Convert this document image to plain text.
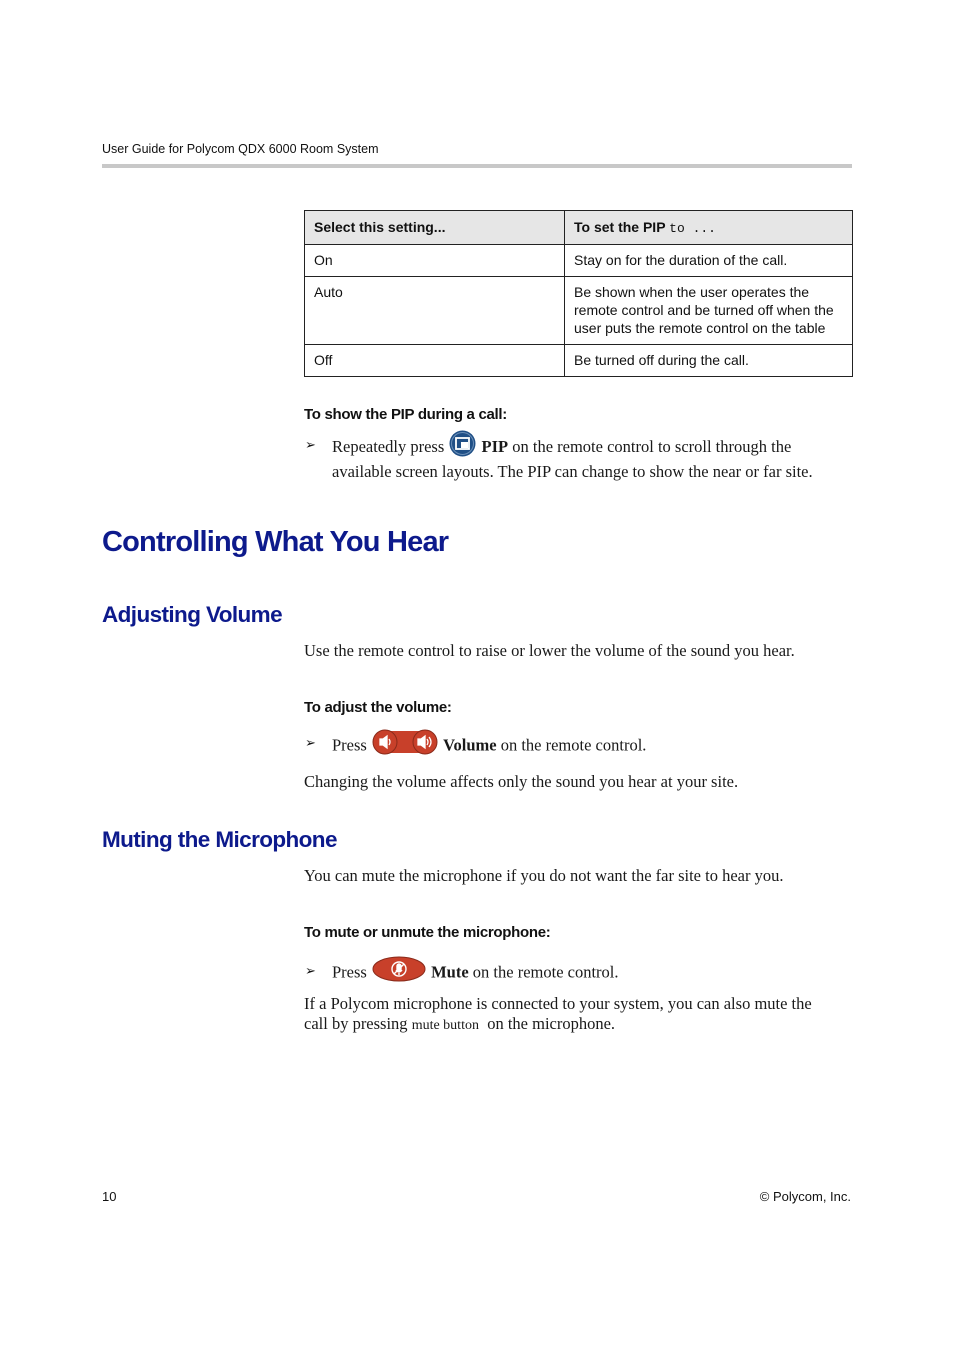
User Guide for Polycom QDX 6000 Room System
Select this setting...	To set the PIP to ...
On	Stay on for the duration of the call.
Auto	Be shown when the user operates the remote control and be turned off when the user puts the remote control on the table
Off	Be turned off during the call.
To show the PIP during a call:
➢ Repeatedly press PIP on the remote control to scroll through the
available screen layouts. The PIP can change to show the near or far site.
Controlling What You Hear
Adjusting Volume
Use the remote control to raise or lower the volume of the sound you hear.
To adjust the volume:
➢ Press	Volume on the remote control.
Changing the volume affects only the sound you hear at your site.
Muting the Microphone
You can mute the microphone if you do not want the far site to hear you.
To mute or unmute the microphone:
➢ Press	Mute on the remote control.
If a Polycom microphone is connected to your system, you can also mute the
call by pressing mute button on the microphone.
10	© Polycom, Inc.
